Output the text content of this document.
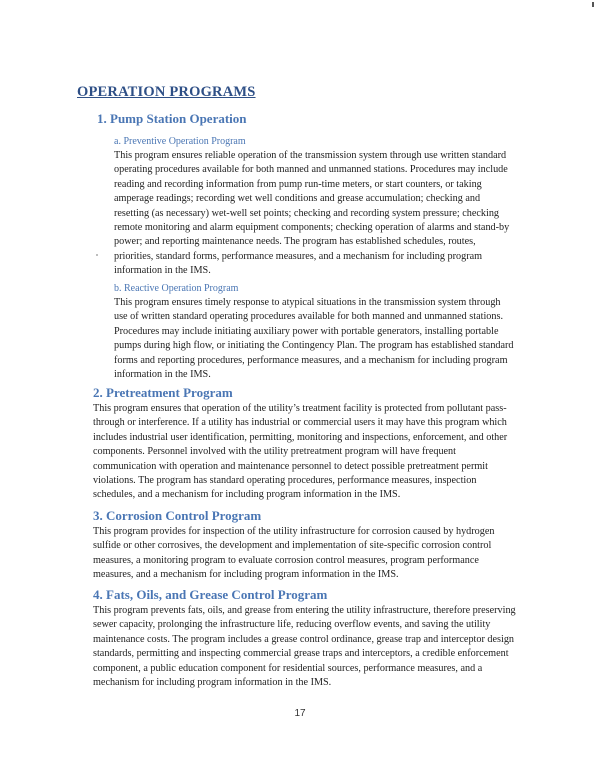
OPERATION PROGRAMS
1. Pump Station Operation
a. Preventive Operation Program

This program ensures reliable operation of the transmission system through use written standard operating procedures available for both manned and unmanned stations. Procedures may include reading and recording information from pump run-time meters, or start counters, or taking amperage readings; recording wet well conditions and grease accumulation; checking and resetting (as necessary) wet-well set points; checking and recording system pressure; checking remote monitoring and alarm equipment components; checking operation of alarms and stand-by power; and reporting maintenance needs. The program has established schedules, routes, priorities, standard forms, performance measures, and a mechanism for including program information in the IMS.

b. Reactive Operation Program

This program ensures timely response to atypical situations in the transmission system through use of written standard operating procedures available for both manned and unmanned stations. Procedures may include initiating auxiliary power with portable generators, installing portable pumps during high flow, or initiating the Contingency Plan. The program has established standard forms and reporting procedures, performance measures, and a mechanism for including program information in the IMS.

2. Pretreatment Program

This program ensures that operation of the utility’s treatment facility is protected from pollutant pass-through or interference. If a utility has industrial or commercial users it may have this program which includes industrial user identification, permitting, monitoring and inspections, enforcement, and other components. Personnel involved with the utility pretreatment program will have frequent communication with operation and maintenance personnel to detect possible pretreatment permit violations. The program has standard operating procedures, performance measures, inspection schedules, and a mechanism for including program information in the IMS.

3. Corrosion Control Program

This program provides for inspection of the utility infrastructure for corrosion caused by hydrogen sulfide or other corrosives, the development and implementation of site-specific corrosion control measures, a monitoring program to evaluate corrosion control measures, program performance measures, and a mechanism for including program information in the IMS.

4. Fats, Oils, and Grease Control Program

This program prevents fats, oils, and grease from entering the utility infrastructure, therefore preserving sewer capacity, prolonging the infrastructure life, reducing overflow events, and saving the utility maintenance costs. The program includes a grease control ordinance, grease trap and interceptor design standards, permitting and inspecting commercial grease traps and interceptors, a credible enforcement component, a public education component for residential sources, performance measures, and a mechanism for including program information in the IMS.

17
